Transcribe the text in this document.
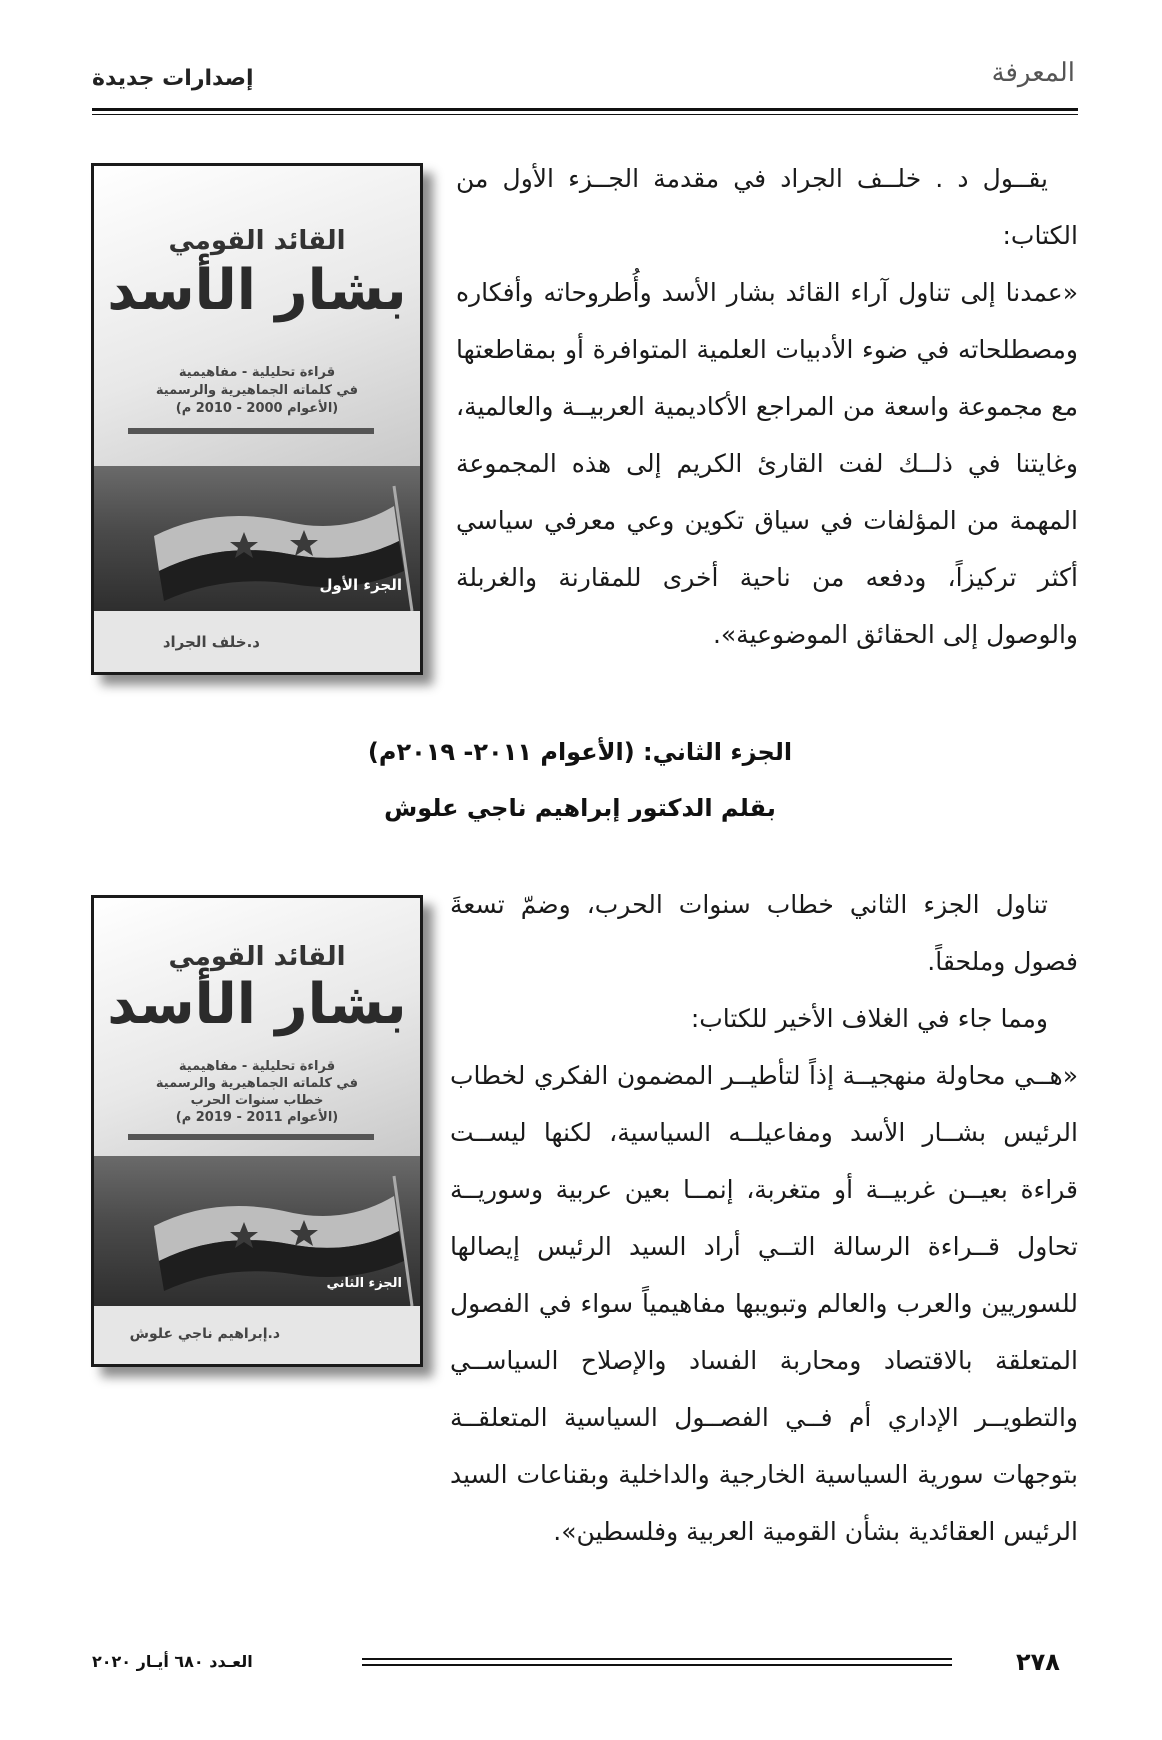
المعرفة
إصدارات جديدة

يقــول د . خلــف الجراد في مقدمة الجــزء الأول من الكتاب:

«عمدنا إلى تناول آراء القائد بشار الأسد وأُطروحاته وأفكاره ومصطلحاته في ضوء الأدبيات العلمية المتوافرة أو بمقاطعتها مع مجموعة واسعة من المراجع الأكاديمية العربيــة والعالمية، وغايتنا في ذلــك لفت القارئ الكريم إلى هذه المجموعة المهمة من المؤلفات في سياق تكوين وعي معرفي سياسي أكثر تركيزاً، ودفعه من ناحية أخرى للمقارنة والغربلة والوصول إلى الحقائق الموضوعية».

القائد القومي
بشار الأسد
قراءة تحليلية - مفاهيمية
في كلماته الجماهيرية والرسمية
(الأعوام 2000 - 2010 م)
الجزء الأول
د.خلف الجراد
الجزء الثاني: (الأعوام ٢٠١١- ٢٠١٩م)
بقلم الدكتور إبراهيم ناجي علوش

تناول الجزء الثاني خطاب سنوات الحرب، وضمّ تسعةَ فصول وملحقاً.

ومما جاء في الغلاف الأخير للكتاب:

«هــي محاولة منهجيــة إذاً لتأطيــر المضمون الفكري لخطاب الرئيس بشــار الأسد ومفاعيلــه السياسية، لكنها ليســت قراءة بعيــن غربيــة أو متغربة، إنمــا بعين عربية وسوريــة تحاول قــراءة الرسالة التــي أراد السيد الرئيس إيصالها للسوريين والعرب والعالم وتبويبها مفاهيمياً سواء في الفصول المتعلقة بالاقتصاد ومحاربة الفساد والإصلاح السياســي والتطويــر الإداري أم فــي الفصــول السياسية المتعلقــة بتوجهات سورية السياسية الخارجية والداخلية وبقناعات السيد الرئيس العقائدية بشأن القومية العربية وفلسطين».

القائد القومي
بشار الأسد
قراءة تحليلية - مفاهيمية
في كلماته الجماهيرية والرسمية
خطاب سنوات الحرب
(الأعوام 2011 - 2019 م)
الجزء الثاني
د.إبراهيم ناجي علوش
٢٧٨
العـدد ٦٨٠ أيـار ٢٠٢٠
